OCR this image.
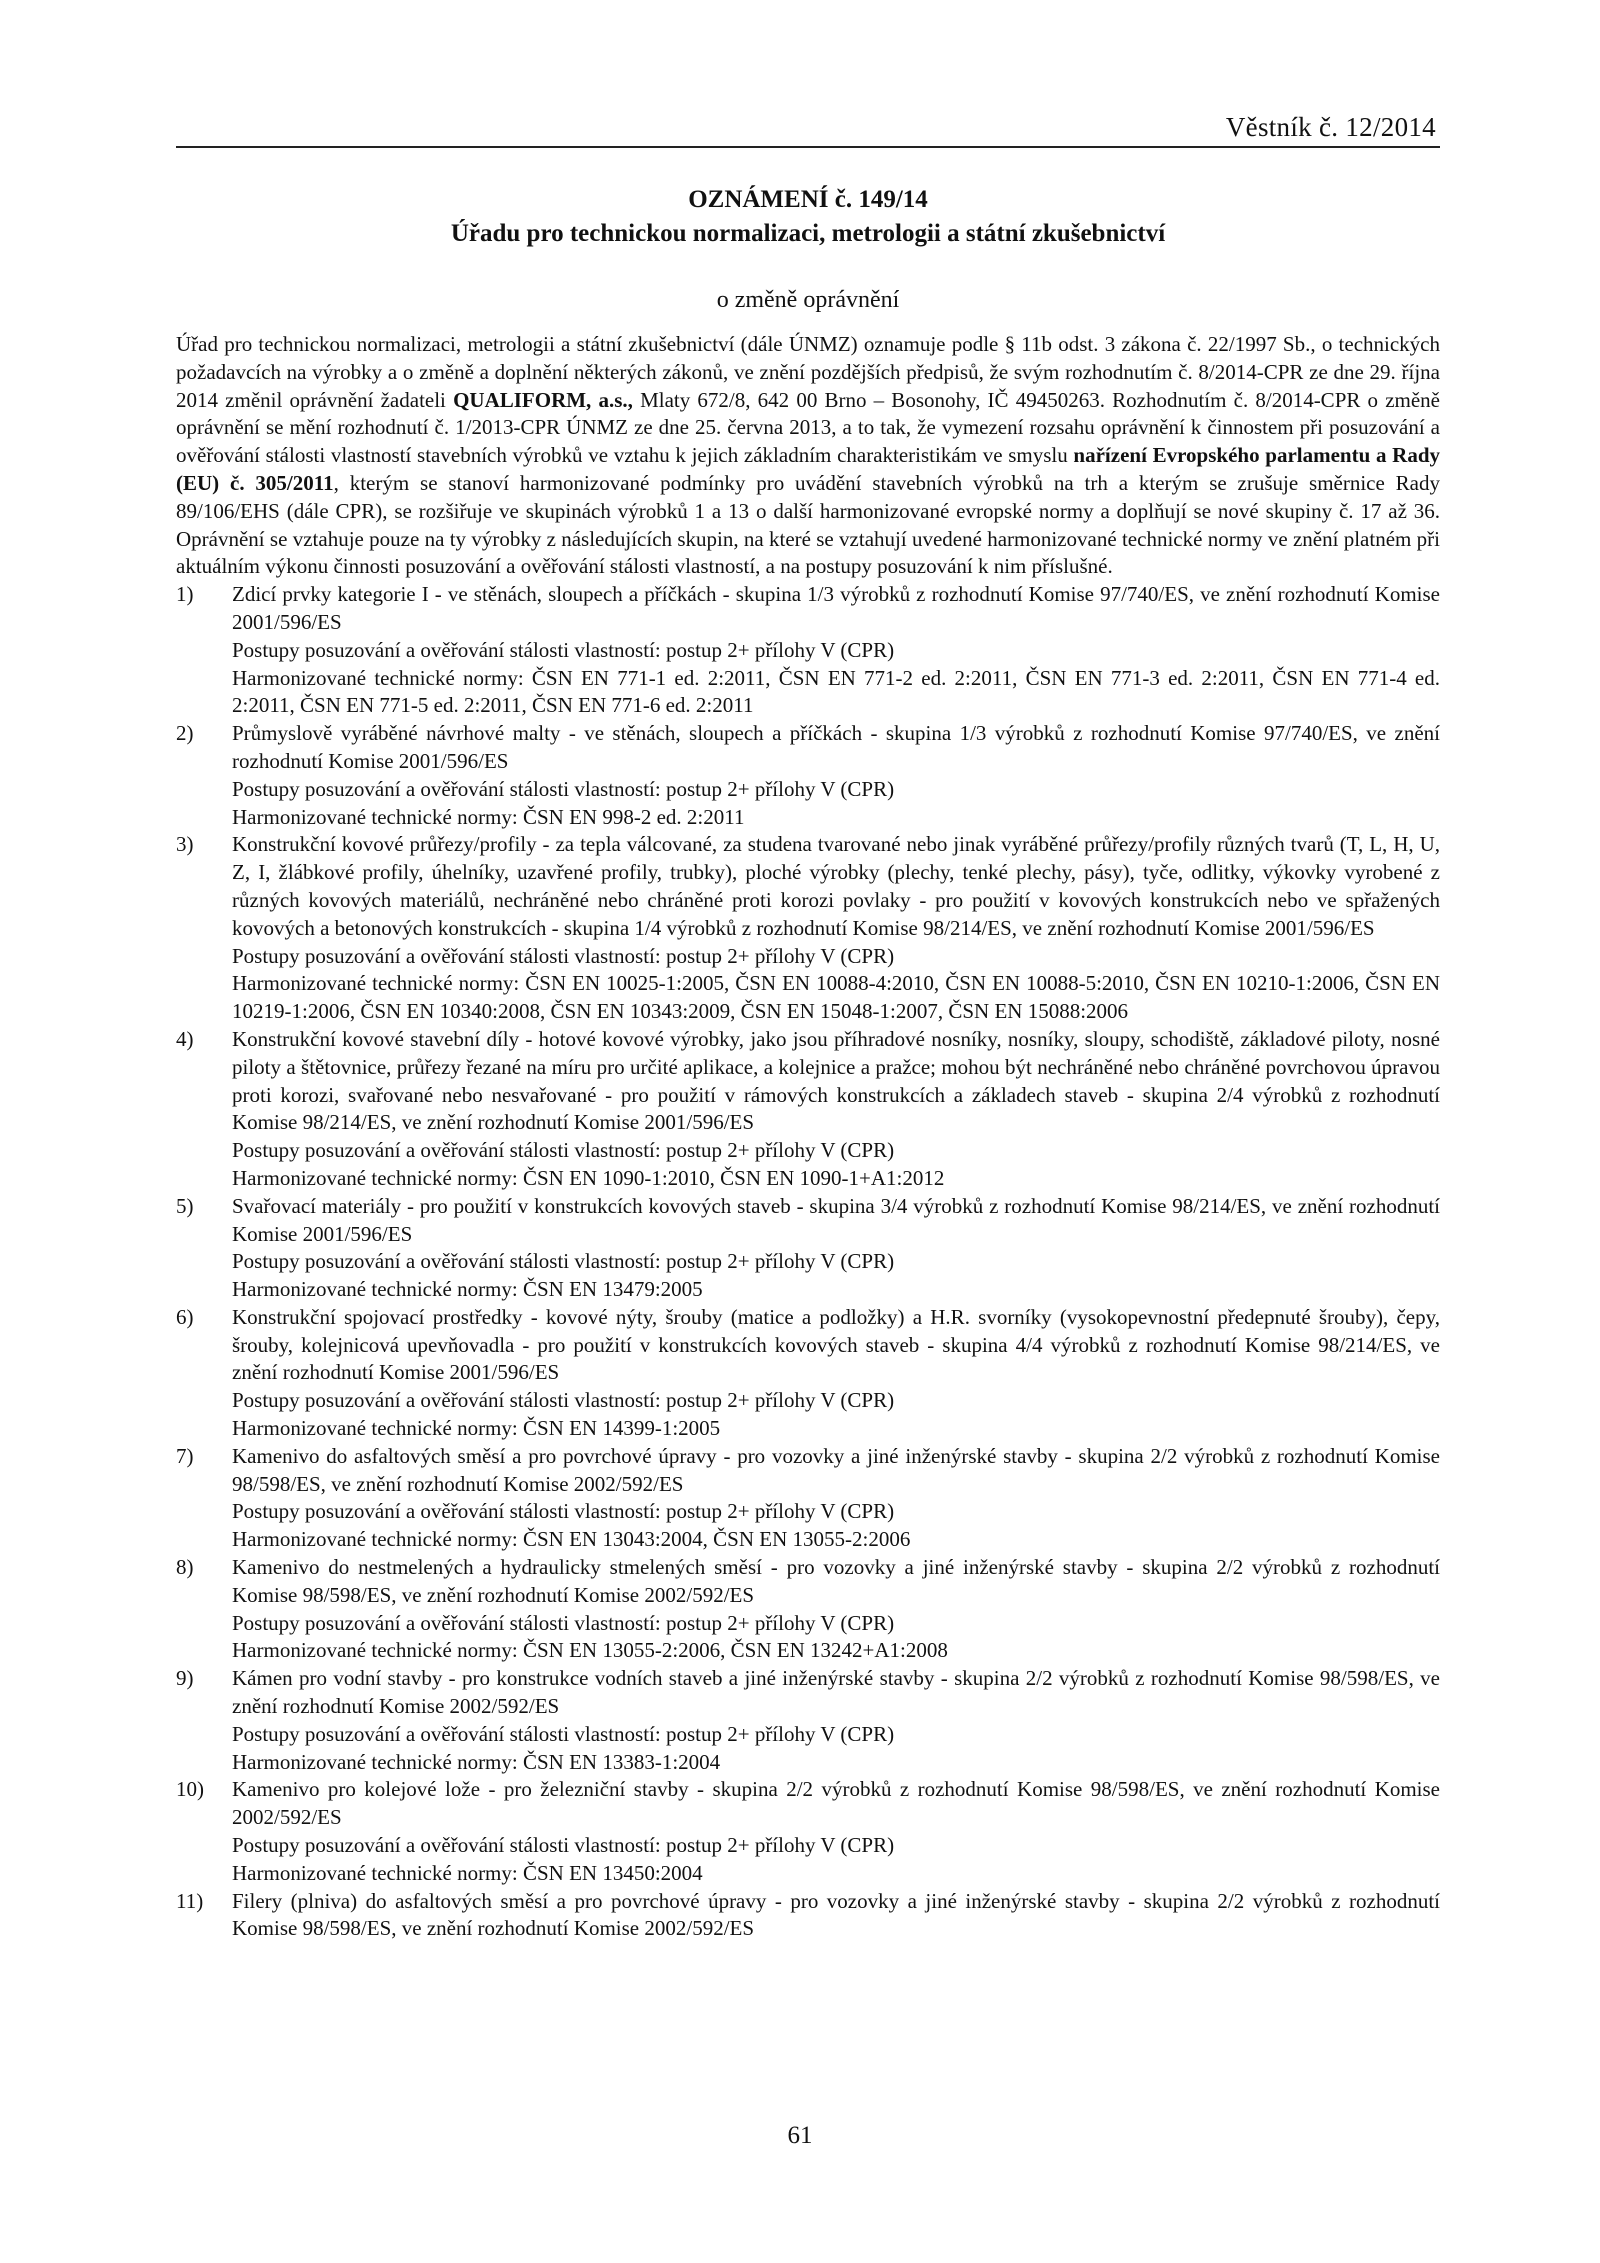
Věstník č. 12/2014
OZNÁMENÍ č. 149/14
Úřadu pro technickou normalizaci, metrologii a státní zkušebnictví
o změně oprávnění

Úřad pro technickou normalizaci, metrologii a státní zkušebnictví (dále ÚNMZ) oznamuje podle § 11b odst. 3 zákona č. 22/1997 Sb., o technických požadavcích na výrobky a o změně a doplnění některých zákonů, ve znění pozdějších předpisů, že svým rozhodnutím č. 8/2014-CPR ze dne 29. října 2014 změnil oprávnění žadateli QUALIFORM, a.s., Mlaty 672/8, 642 00 Brno – Bosonohy, IČ 49450263. Rozhodnutím č. 8/2014-CPR o změně oprávnění se mění rozhodnutí č. 1/2013-CPR ÚNMZ ze dne 25. června 2013, a to tak, že vymezení rozsahu oprávnění k činnostem při posuzování a ověřování stálosti vlastností stavebních výrobků ve vztahu k jejich základním charakteristikám ve smyslu nařízení Evropského parlamentu a Rady (EU) č. 305/2011, kterým se stanoví harmonizované podmínky pro uvádění stavebních výrobků na trh a kterým se zrušuje směrnice Rady 89/106/EHS (dále CPR), se rozšiřuje ve skupinách výrobků 1 a 13 o další harmonizované evropské normy a doplňují se nové skupiny č. 17 až 36. Oprávnění se vztahuje pouze na ty výrobky z následujících skupin, na které se vztahují uvedené harmonizované technické normy ve znění platném při aktuálním výkonu činnosti posuzování a ověřování stálosti vlastností, a na postupy posuzování k nim příslušné.

1) Zdicí prvky kategorie I - ve stěnách, sloupech a příčkách - skupina 1/3 výrobků z rozhodnutí Komise 97/740/ES, ve znění rozhodnutí Komise 2001/596/ES

Postupy posuzování a ověřování stálosti vlastností: postup 2+ přílohy V (CPR)

Harmonizované technické normy: ČSN EN 771-1 ed. 2:2011, ČSN EN 771-2 ed. 2:2011, ČSN EN 771-3 ed. 2:2011, ČSN EN 771-4 ed. 2:2011, ČSN EN 771-5 ed. 2:2011, ČSN EN 771-6 ed. 2:2011

2) Průmyslově vyráběné návrhové malty - ve stěnách, sloupech a příčkách - skupina 1/3 výrobků z rozhodnutí Komise 97/740/ES, ve znění rozhodnutí Komise 2001/596/ES

Postupy posuzování a ověřování stálosti vlastností: postup 2+ přílohy V (CPR)

Harmonizované technické normy: ČSN EN 998-2 ed. 2:2011

3) Konstrukční kovové průřezy/profily - za tepla válcované, za studena tvarované nebo jinak vyráběné průřezy/profily různých tvarů (T, L, H, U, Z, I, žlábkové profily, úhelníky, uzavřené profily, trubky), ploché výrobky (plechy, tenké plechy, pásy), tyče, odlitky, výkovky vyrobené z různých kovových materiálů, nechráněné nebo chráněné proti korozi povlaky - pro použití v kovových konstrukcích nebo ve spřažených kovových a betonových konstrukcích - skupina 1/4 výrobků z rozhodnutí Komise 98/214/ES, ve znění rozhodnutí Komise 2001/596/ES

Postupy posuzování a ověřování stálosti vlastností: postup 2+ přílohy V (CPR)

Harmonizované technické normy: ČSN EN 10025-1:2005, ČSN EN 10088-4:2010, ČSN EN 10088-5:2010, ČSN EN 10210-1:2006, ČSN EN 10219-1:2006, ČSN EN 10340:2008, ČSN EN 10343:2009, ČSN EN 15048-1:2007, ČSN EN 15088:2006

4) Konstrukční kovové stavební díly - hotové kovové výrobky, jako jsou příhradové nosníky, nosníky, sloupy, schodiště, základové piloty, nosné piloty a štětovnice, průřezy řezané na míru pro určité aplikace, a kolejnice a pražce; mohou být nechráněné nebo chráněné povrchovou úpravou proti korozi, svařované nebo nesvařované - pro použití v rámových konstrukcích a základech staveb - skupina 2/4 výrobků z rozhodnutí Komise 98/214/ES, ve znění rozhodnutí Komise 2001/596/ES

Postupy posuzování a ověřování stálosti vlastností: postup 2+ přílohy V (CPR)

Harmonizované technické normy: ČSN EN 1090-1:2010, ČSN EN 1090-1+A1:2012

5) Svařovací materiály - pro použití v konstrukcích kovových staveb - skupina 3/4 výrobků z rozhodnutí Komise 98/214/ES, ve znění rozhodnutí Komise 2001/596/ES

Postupy posuzování a ověřování stálosti vlastností: postup 2+ přílohy V (CPR)

Harmonizované technické normy: ČSN EN 13479:2005

6) Konstrukční spojovací prostředky - kovové nýty, šrouby (matice a podložky) a H.R. svorníky (vysokopevnostní předepnuté šrouby), čepy, šrouby, kolejnicová upevňovadla - pro použití v konstrukcích kovových staveb - skupina 4/4 výrobků z rozhodnutí Komise 98/214/ES, ve znění rozhodnutí Komise 2001/596/ES

Postupy posuzování a ověřování stálosti vlastností: postup 2+ přílohy V (CPR)

Harmonizované technické normy: ČSN EN 14399-1:2005

7) Kamenivo do asfaltových směsí a pro povrchové úpravy - pro vozovky a jiné inženýrské stavby - skupina 2/2 výrobků z rozhodnutí Komise 98/598/ES, ve znění rozhodnutí Komise 2002/592/ES

Postupy posuzování a ověřování stálosti vlastností: postup 2+ přílohy V (CPR)

Harmonizované technické normy: ČSN EN 13043:2004, ČSN EN 13055-2:2006

8) Kamenivo do nestmelených a hydraulicky stmelených směsí - pro vozovky a jiné inženýrské stavby - skupina 2/2 výrobků z rozhodnutí Komise 98/598/ES, ve znění rozhodnutí Komise 2002/592/ES

Postupy posuzování a ověřování stálosti vlastností: postup 2+ přílohy V (CPR)

Harmonizované technické normy: ČSN EN 13055-2:2006, ČSN EN 13242+A1:2008

9) Kámen pro vodní stavby - pro konstrukce vodních staveb a jiné inženýrské stavby - skupina 2/2 výrobků z rozhodnutí Komise 98/598/ES, ve znění rozhodnutí Komise 2002/592/ES

Postupy posuzování a ověřování stálosti vlastností: postup 2+ přílohy V (CPR)

Harmonizované technické normy: ČSN EN 13383-1:2004

10) Kamenivo pro kolejové lože - pro železniční stavby - skupina 2/2 výrobků z rozhodnutí Komise 98/598/ES, ve znění rozhodnutí Komise 2002/592/ES

Postupy posuzování a ověřování stálosti vlastností: postup 2+ přílohy V (CPR)

Harmonizované technické normy: ČSN EN 13450:2004

11) Filery (plniva) do asfaltových směsí a pro povrchové úpravy - pro vozovky a jiné inženýrské stavby - skupina 2/2 výrobků z rozhodnutí Komise 98/598/ES, ve znění rozhodnutí Komise 2002/592/ES

61
